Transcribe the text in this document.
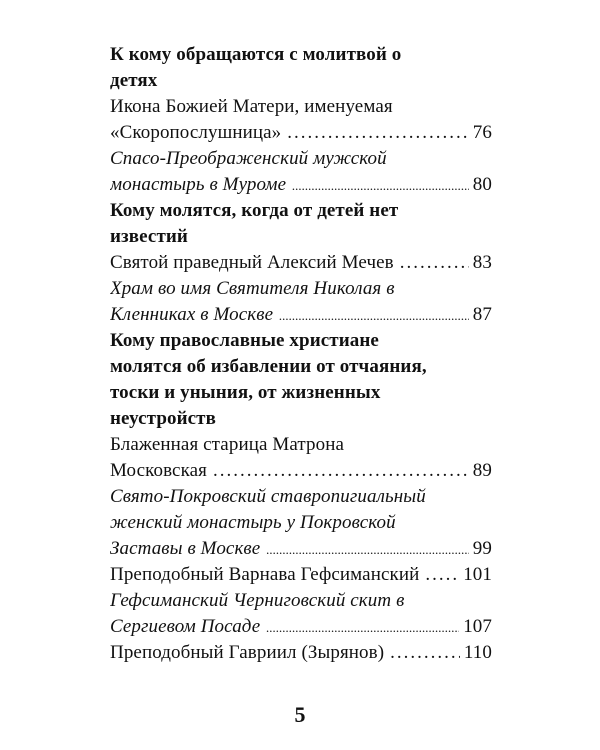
К кому обращаются с молитвой о
детях
Икона Божией Матери, именуемая
«Скоропослушница» .....	76
Спасо-Преображенский мужской
монастырь в Муроме .....	80
Кому молятся, когда от детей нет
известий
Святой праведный Алексий Мечев .....	83
Храм во имя Святителя Николая в
Кленниках в Москве .....	87
Кому православные христиане
молятся об избавлении от отчаяния,
тоски и уныния, от жизненных
неустройств
Блаженная старица Матрона
Московская .....	89
Свято-Покровский ставропигиальный
женский монастырь у Покровской
Заставы в Москве .....	99
Преподобный Варнава Гефсиманский ..... 101
Гефсиманский Черниговский скит в
Сергиевом Посаде .....	107
Преподобный Гавриил (Зырянов) .....	110
5
